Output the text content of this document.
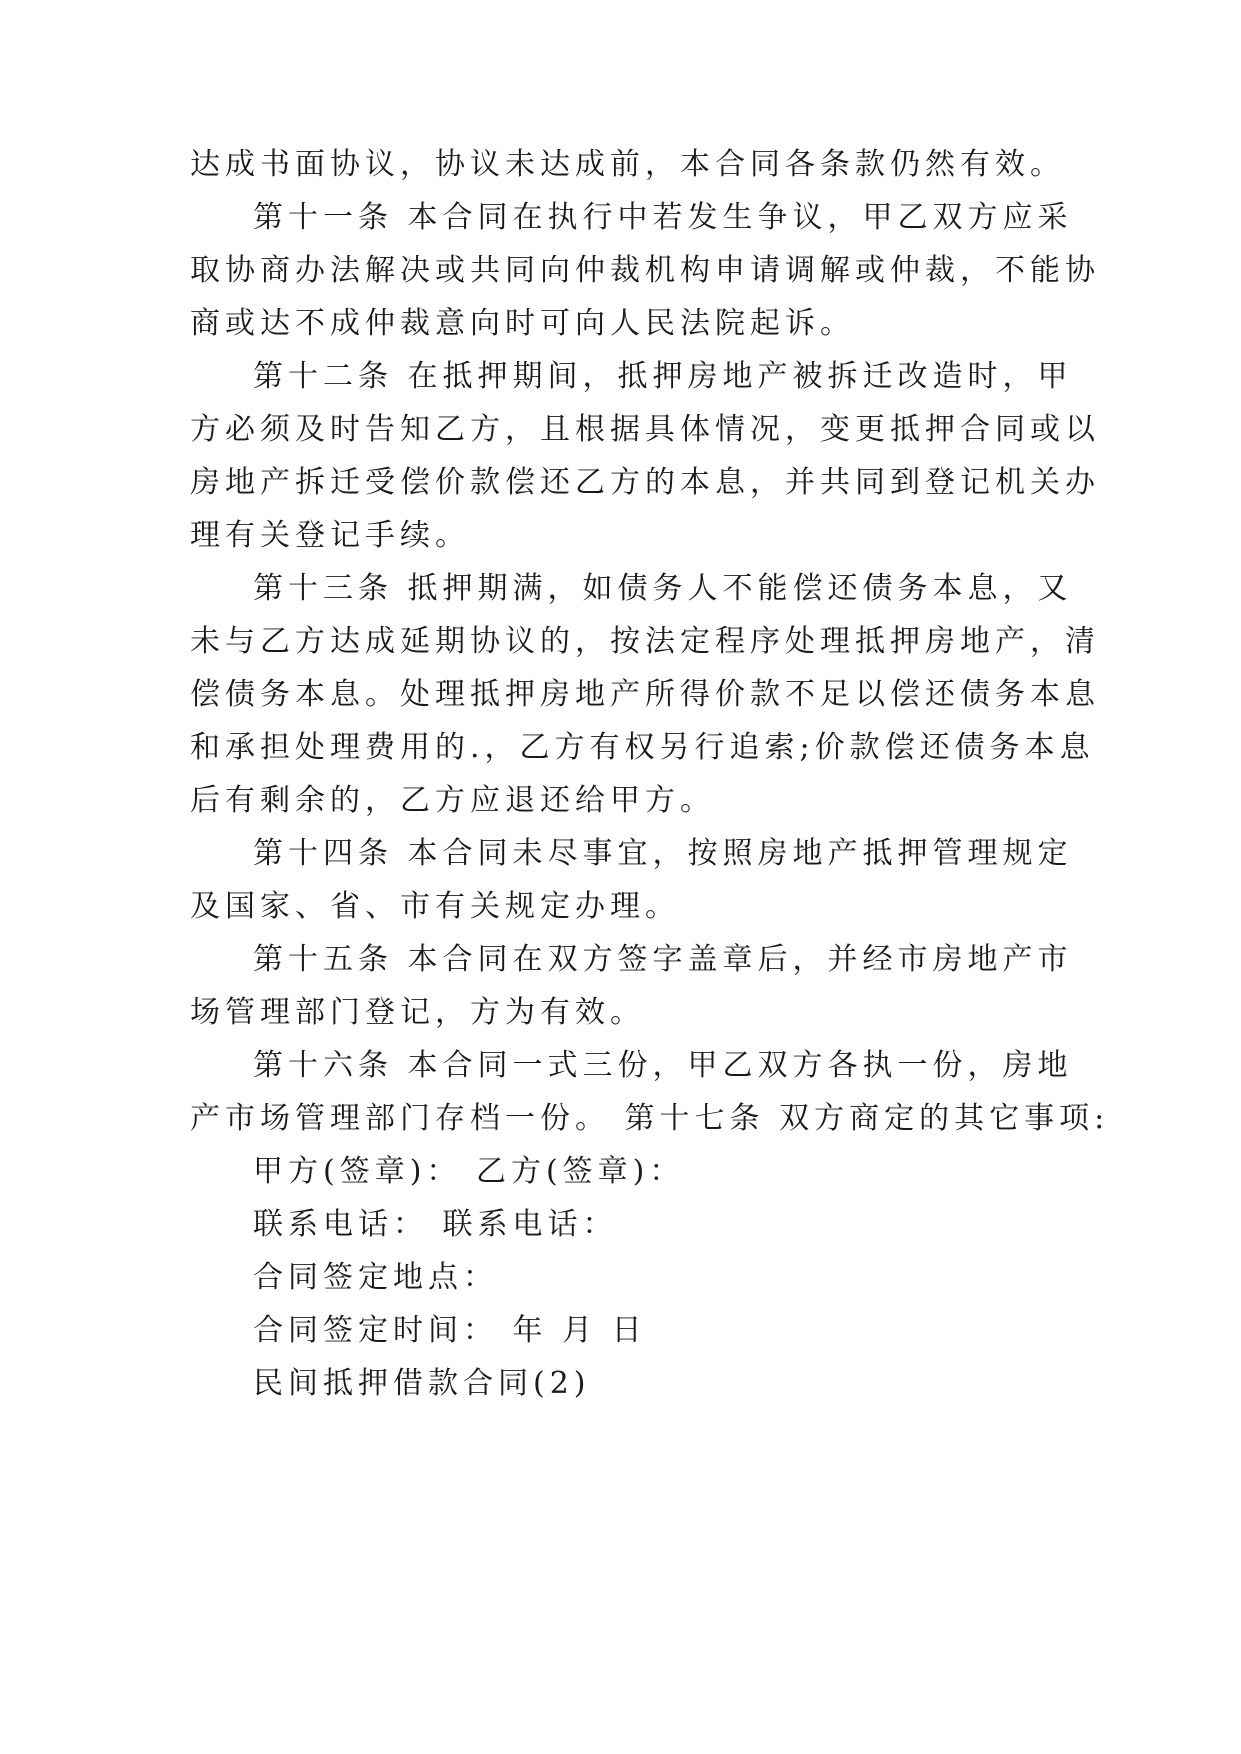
达成书面协议，协议未达成前，本合同各条款仍然有效。
第十一条 本合同在执行中若发生争议，甲乙双方应采
取协商办法解决或共同向仲裁机构申请调解或仲裁，不能协
商或达不成仲裁意向时可向人民法院起诉。
第十二条 在抵押期间，抵押房地产被拆迁改造时，甲
方必须及时告知乙方，且根据具体情况，变更抵押合同或以
房地产拆迁受偿价款偿还乙方的本息，并共同到登记机关办
理有关登记手续。
第十三条 抵押期满，如债务人不能偿还债务本息，又
未与乙方达成延期协议的，按法定程序处理抵押房地产，清
偿债务本息。处理抵押房地产所得价款不足以偿还债务本息
和承担处理费用的.，乙方有权另行追索;价款偿还债务本息
后有剩余的，乙方应退还给甲方。
第十四条 本合同未尽事宜，按照房地产抵押管理规定
及国家、省、市有关规定办理。
第十五条 本合同在双方签字盖章后，并经市房地产市
场管理部门登记，方为有效。
第十六条 本合同一式三份，甲乙双方各执一份，房地
产市场管理部门存档一份。 第十七条 双方商定的其它事项:
甲方(签章)： 乙方(签章)：
联系电话： 联系电话：
合同签定地点：
合同签定时间： 年 月 日
民间抵押借款合同(2)
